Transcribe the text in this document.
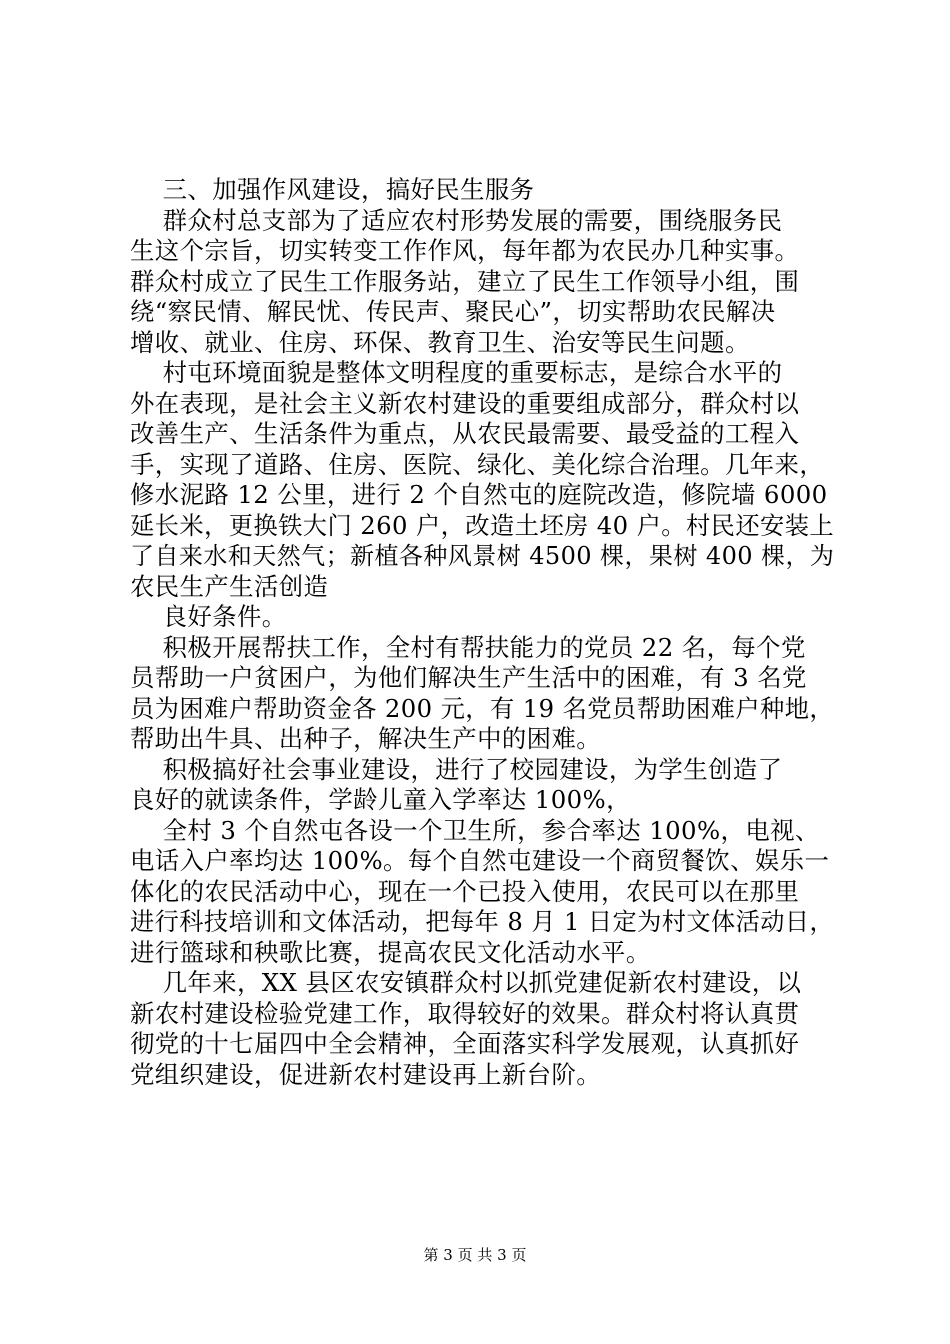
三、加强作风建设，搞好民生服务
群众村总支部为了适应农村形势发展的需要，围绕服务民
生这个宗旨，切实转变工作作风，每年都为农民办几种实事。
群众村成立了民生工作服务站，建立了民生工作领导小组，围
绕“察民情、解民忧、传民声、聚民心”，切实帮助农民解决
增收、就业、住房、环保、教育卫生、治安等民生问题。
村屯环境面貌是整体文明程度的重要标志，是综合水平的
外在表现，是社会主义新农村建设的重要组成部分，群众村以
改善生产、生活条件为重点，从农民最需要、最受益的工程入
手，实现了道路、住房、医院、绿化、美化综合治理。几年来，
修水泥路 12 公里，进行 2 个自然屯的庭院改造，修院墙 6000
延长米，更换铁大门 260 户，改造土坯房 40 户。村民还安装上
了自来水和天然气；新植各种风景树 4500 棵，果树 400 棵，为
农民生产生活创造
良好条件。
积极开展帮扶工作，全村有帮扶能力的党员 22 名，每个党
员帮助一户贫困户，为他们解决生产生活中的困难，有 3 名党
员为困难户帮助资金各 200 元，有 19 名党员帮助困难户种地，
帮助出牛具、出种子，解决生产中的困难。
积极搞好社会事业建设，进行了校园建设，为学生创造了
良好的就读条件，学龄儿童入学率达 100%，
全村 3 个自然屯各设一个卫生所，参合率达 100%，电视、
电话入户率均达 100%。每个自然屯建设一个商贸餐饮、娱乐一
体化的农民活动中心，现在一个已投入使用，农民可以在那里
进行科技培训和文体活动，把每年 8 月 1 日定为村文体活动日，
进行篮球和秧歌比赛，提高农民文化活动水平。
几年来，XX 县区农安镇群众村以抓党建促新农村建设，以
新农村建设检验党建工作，取得较好的效果。群众村将认真贯
彻党的十七届四中全会精神，全面落实科学发展观，认真抓好
党组织建设，促进新农村建设再上新台阶。
第 3 页 共 3 页
